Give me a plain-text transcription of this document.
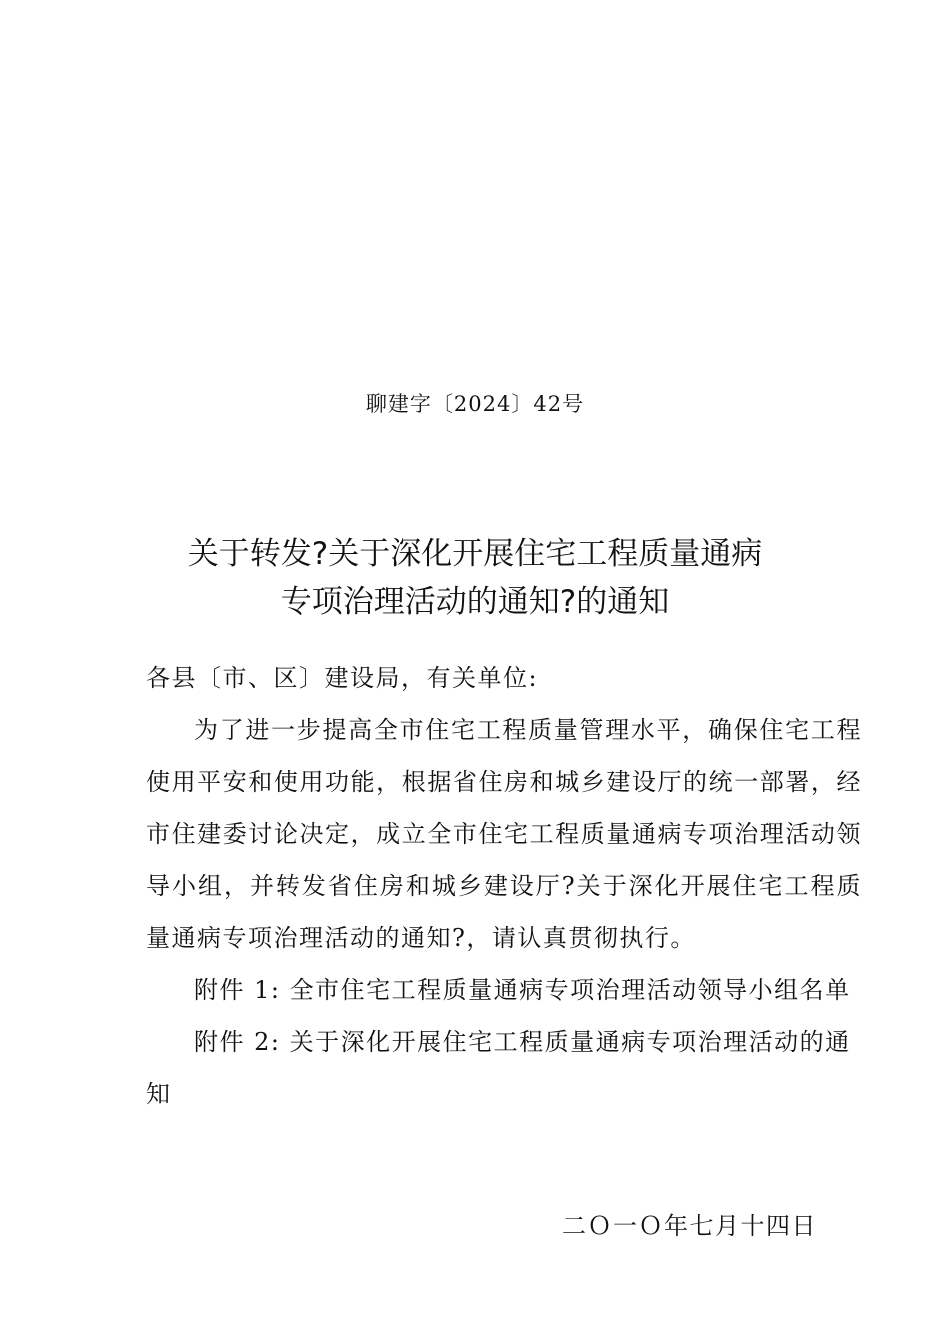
聊建字〔2024〕42号
关于转发?关于深化开展住宅工程质量通病
专项治理活动的通知?的通知

各县〔市、区〕建设局，有关单位:

为了进一步提高全市住宅工程质量管理水平，确保住宅工程使用平安和使用功能，根据省住房和城乡建设厅的统一部署，经市住建委讨论决定，成立全市住宅工程质量通病专项治理活动领导小组，并转发省住房和城乡建设厅?关于深化开展住宅工程质量通病专项治理活动的通知?，请认真贯彻执行。

附件 1: 全市住宅工程质量通病专项治理活动领导小组名单

附件 2: 关于深化开展住宅工程质量通病专项治理活动的通知

二Ｏ一Ｏ年七月十四日
